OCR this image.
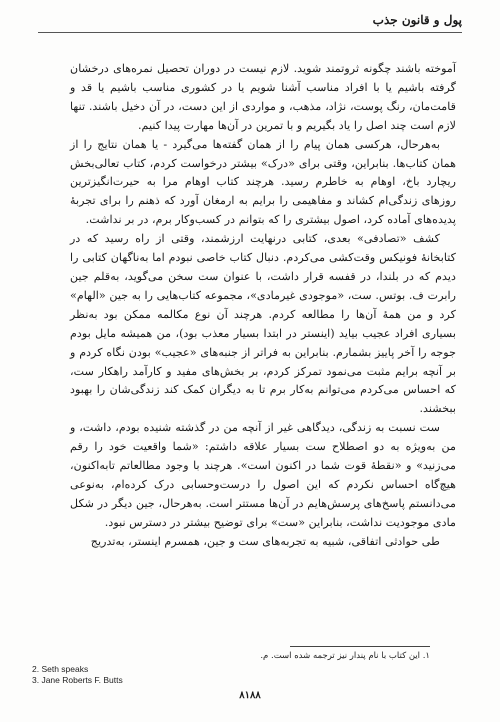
پول و قانون جذب

آموخته باشند چگونه ثروتمند شوید. لازم نیست در دوران تحصیل نمره‌های درخشان گرفته باشیم یا با افراد مناسب آشنا شویم یا در کشوری مناسب باشیم یا قد و قامت‌مان، رنگ پوست، نژاد، مذهب، و مواردی از این دست، در آن دخیل باشند. تنها لازم است چند اصل را یاد بگیریم و با تمرین در آن‌ها مهارت پیدا کنیم.

به‌هرحال، هرکسی همان پیام را از همان گفته‌ها می‌گیرد - یا همان نتایج را از همان کتاب‌ها. بنابراین، وقتی برای «درک» بیشتر درخواست کردم، کتاب تعالی‌بخش ریچارد باخ، اوهام به خاطرم رسید. هرچند کتاب اوهام مرا به حیرت‌انگیزترین روزهای زندگی‌ام کشاند و مفاهیمی را برایم به ارمغان آورد که ذهنم را برای تجربهٔ پدیده‌های آماده کرد، اصول بیشتری را که بتوانم در کسب‌وکار برم، در بر نداشت.

کشف «تصادفی» بعدی، کتابی درنهایت ارزشمند، وقتی از راه رسید که در کتابخانهٔ فونیکس وقت‌کشی می‌کردم. دنبال کتاب خاصی نبودم اما به‌ناگهان کتابی را دیدم که در بلندا، در قفسه قرار داشت، با عنوان ست سخن می‌گوید، به‌قلم جین رابرت ف. بوتس. ست، «موجودی غیرمادی»، مجموعه کتاب‌هایی را به جین «الهام» کرد و من همهٔ آن‌ها را مطالعه کردم. هرچند آن نوع مکالمه ممکن بود به‌نظر بسیاری افراد عجیب بیاید (اینستر در ابتدا بسیار معذب بود)، من همیشه مایل بودم جوجه را آخر پاییز بشمارم. بنابراین به فراتر از جنبه‌های «عجیب» بودن نگاه کردم و بر آنچه برایم مثبت می‌نمود تمرکز کردم، بر بخش‌های مفید و کارآمد راهکار ست، که احساس می‌کردم می‌توانم به‌کار برم تا به دیگران کمک کند زندگی‌شان را بهبود ببخشند.

ست نسبت به زندگی، دیدگاهی غیر از آنچه من در گذشته شنیده بودم، داشت، و من به‌ویژه به دو اصطلاح ست بسیار علاقه داشتم: «شما واقعیت خود را رقم می‌زنید» و «نقطهٔ قوت شما در اکنون است». هرچند با وجود مطالعاتم تابه‌اکنون، هیچ‌گاه احساس نکردم که این اصول را درست‌وحسابی درک کرده‌ام، به‌نوعی می‌دانستم پاسخ‌های پرسش‌هایم در آن‌ها مستتر است. به‌هرحال، جین دیگر در شکل مادی موجودیت نداشت، بنابراین «ست» برای توضیح بیشتر در دسترس نبود.

طی حوادثی اتفاقی، شبیه به تجربه‌های ست و جین، همسرم اینستر، به‌تدریج

۱. این کتاب با نام پندار نیز ترجمه شده است. م.
2. Seth speaks
3. Jane Roberts F. Butts
۸۱۸۸
